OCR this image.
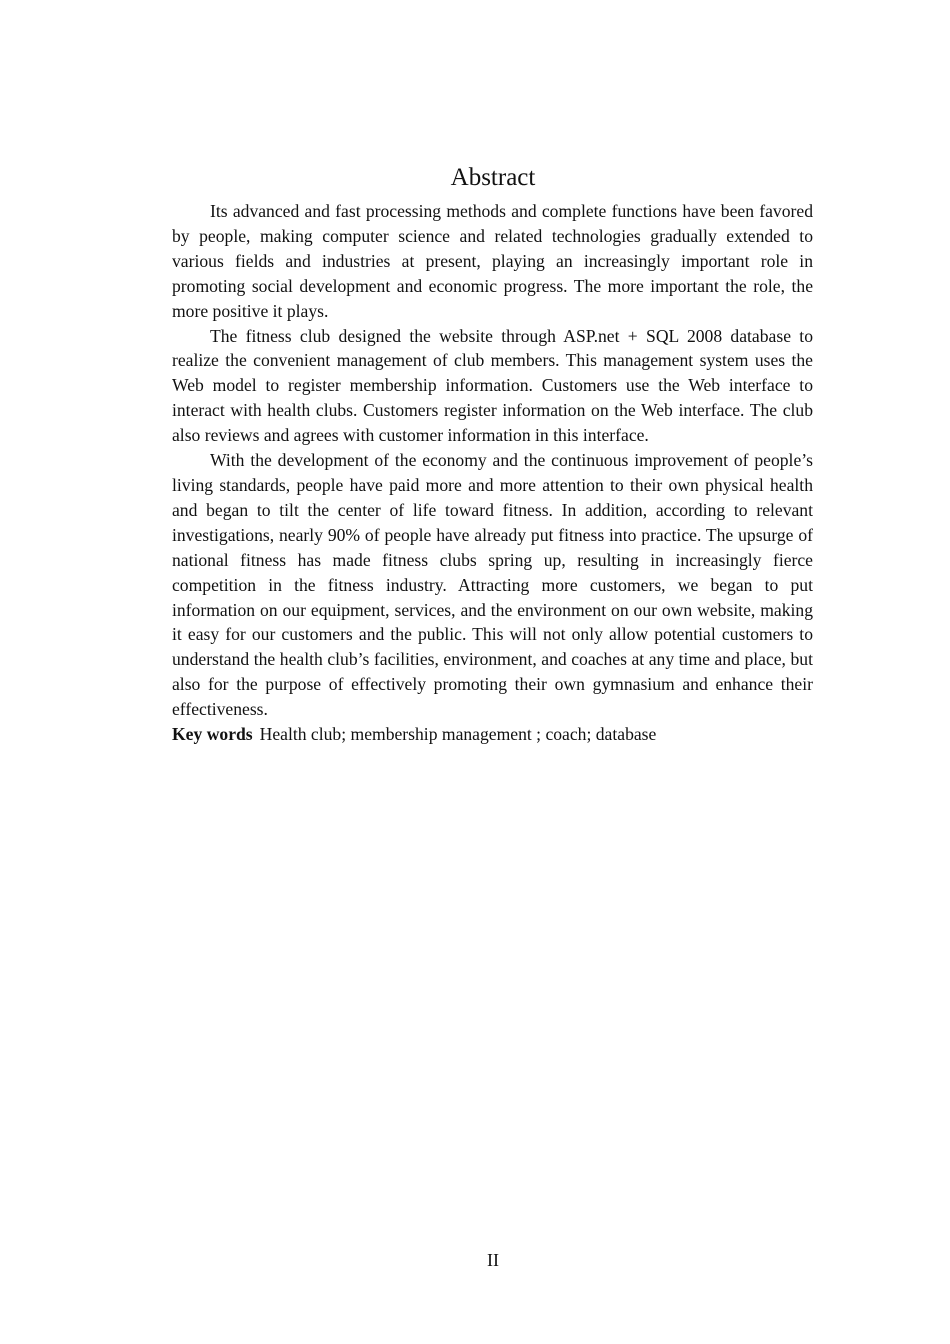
Abstract

Its advanced and fast processing methods and complete functions have been favored by people, making computer science and related technologies gradually extended to various fields and industries at present, playing an increasingly important role in promoting social development and economic progress. The more important the role, the more positive it plays.

The fitness club designed the website through ASP.net + SQL 2008 database to realize the convenient management of club members. This management system uses the Web model to register membership information. Customers use the Web interface to interact with health clubs. Customers register information on the Web interface. The club also reviews and agrees with customer information in this interface.

With the development of the economy and the continuous improvement of people’s living standards, people have paid more and more attention to their own physical health and began to tilt the center of life toward fitness. In addition, according to relevant investigations, nearly 90% of people have already put fitness into practice. The upsurge of national fitness has made fitness clubs spring up, resulting in increasingly fierce competition in the fitness industry. Attracting more customers, we began to put information on our equipment, services, and the environment on our own website, making it easy for our customers and the public. This will not only allow potential customers to understand the health club’s facilities, environment, and coaches at any time and place, but also for the purpose of effectively promoting their own gymnasium and enhance their effectiveness.

Key words Health club; membership management ; coach; database

II
